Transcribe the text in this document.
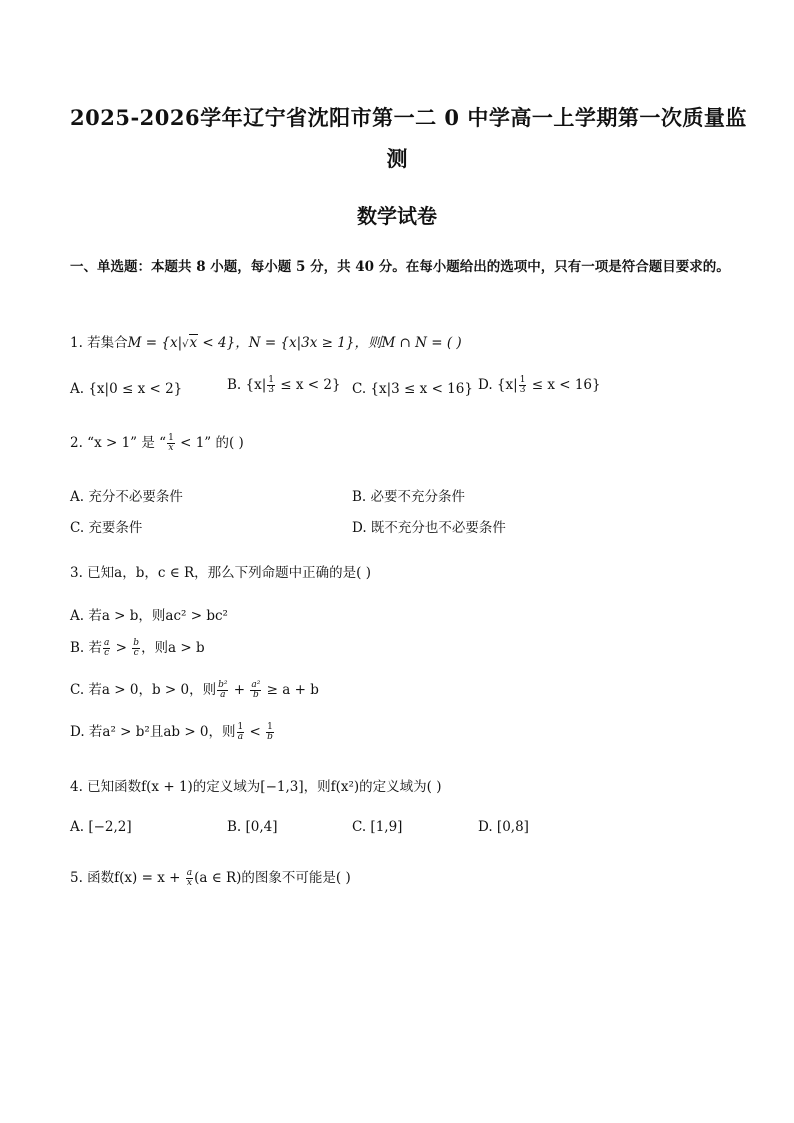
2025-2026学年辽宁省沈阳市第一二 0 中学高一上学期第一次质量监
测
数学试卷
一、单选题：本题共 8 小题，每小题 5 分，共 40 分。在每小题给出的选项中，只有一项是符合题目要求的。
1. 若集合M = {x|√x < 4}，N = {x|3x ≥ 1}，则M ∩ N = ( )
A. {x|0 ≤ x < 2}	B. $\{x| \frac{1}{3} \le x < 2\}$ C. {x|3 ≤ x < 16} D. $\{x| \frac{1}{3} \le x < 16\}$
2. “x > 1” 是 “ $\frac{1}{x} < 1$” 的( )
A. 充分不必要条件	B. 必要不充分条件
C. 充要条件	D. 既不充分也不必要条件
3. 已知a，b，c ∈ R，那么下列命题中正确的是( )
A. 若a > b，则ac² > bc²
B. 若 $\frac{a}{c} > \frac{b}{c}$ ，则a > b
C. 若a > 0，b > 0，则 $\frac{\text{b²}}{a} + \frac{\text{a²}}{b} \ge a + b$
D. 若a² > b²且ab > 0，则 $\frac{1}{a} < \frac{1}{b}$
4. 已知函数f(x + 1)的定义域为[−1,3]，则f(x²)的定义域为( )
A. [−2,2]	B. [0,4]	C. [1,9]	D. [0,8]
5. 函数$f(x) = x + \frac{a}{x} (a$ ∈ R)的图象不可能是( )
